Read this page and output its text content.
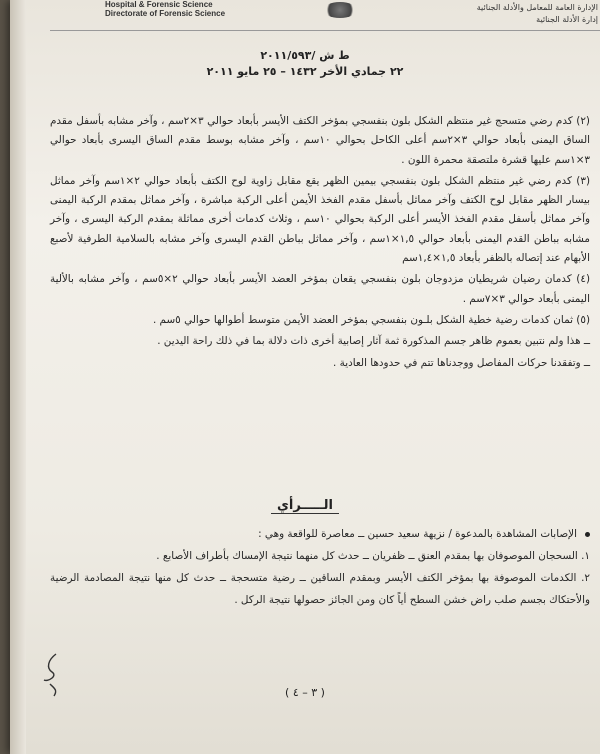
Hospital & Forensic Science
Directorate of Forensic Science
الإدارة العامة للمعامل والأدلة الجنائية
إدارة الأدلة الجنائية
ط ش /٢٠١١/٥٩٣
٢٢ جمادي الأخر ١٤٣٢ – ٢٥ مايو ٢٠١١

(٢) كدم رضي متسحج غير منتظم الشكل بلون بنفسجي بمؤخر الكتف الأيسر بأبعاد حوالي ٣×٢سم ، وآخر مشابه بأسفل مقدم الساق اليمنى بأبعاد حوالي ٣×٢سم أعلى الكاحل بحوالي ١٠سم ، وآخر مشابه بوسط مقدم الساق اليسرى بأبعاد حوالي ٣×١سم عليها قشرة ملتصقة محمرة اللون .

(٣) كدم رضي غير منتظم الشكل بلون بنفسجي بيمين الظهر يقع مقابل زاوية لوح الكتف بأبعاد حوالي ٢×١سم وآخر مماثل بيسار الظهر مقابل لوح الكتف وآخر مماثل بأسفل مقدم الفخذ الأيمن أعلى الركبة مباشرة ، وآخر مماثل بمقدم الركبة اليمنى وآخر مماثل بأسفل مقدم الفخذ الأيسر أعلى الركبة بحوالي ١٠سم ، وثلاث كدمات أخرى مماثلة بمقدم الركبة اليسرى ، وآخر مشابه بباطن القدم اليمنى بأبعاد حوالي ١,٥×١سم ، وآخر مماثل بباطن القدم اليسرى وآخر مشابه بالسلامية الطرفية لأصبع الأبهام عند إتصاله بالظفر بأبعاد ١,٥×١,٤سم

(٤) كدمان رضيان شريطيان مزدوجان بلون بنفسجي يقعان بمؤخر العضد الأيسر بأبعاد حوالي ٢×٥سم ، وآخر مشابه بالألية اليمنى بأبعاد حوالي ٣×٧سم .

(٥) ثمان كدمات رضية خطية الشكل بلـون بنفسجي بمؤخر العضد الأيمن متوسط أطوالها حوالي ٥سم .

ــ هذا ولم نتبين بعموم ظاهر جسم المذكورة ثمة آثار إصابية أخرى ذات دلالة بما في ذلك راحة اليدين .

ــ وتفقدنا حركات المفاصل ووجدناها تتم في حدودها العادية .

الـــــرأي
الإصابات المشاهدة بالمدعوة / نزيهة سعيد حسين ــ معاصرة للواقعة وهي :
١. السحجان الموصوفان بها بمقدم العنق ــ ظفريان ــ حدث كل منهما نتيجة الإمساك بأطراف الأصابع .
٢. الكدمات الموصوفة بها بمؤخر الكتف الأيسر وبمقدم الساقين ــ رضية متسحجة ــ حدث كل منها نتيجة المصادمة الرضية والأحتكاك بجسم صلب راض خشن السطح أياً كان ومن الجائز حصولها نتيجة الركل .
( ٣ – ٤ )
